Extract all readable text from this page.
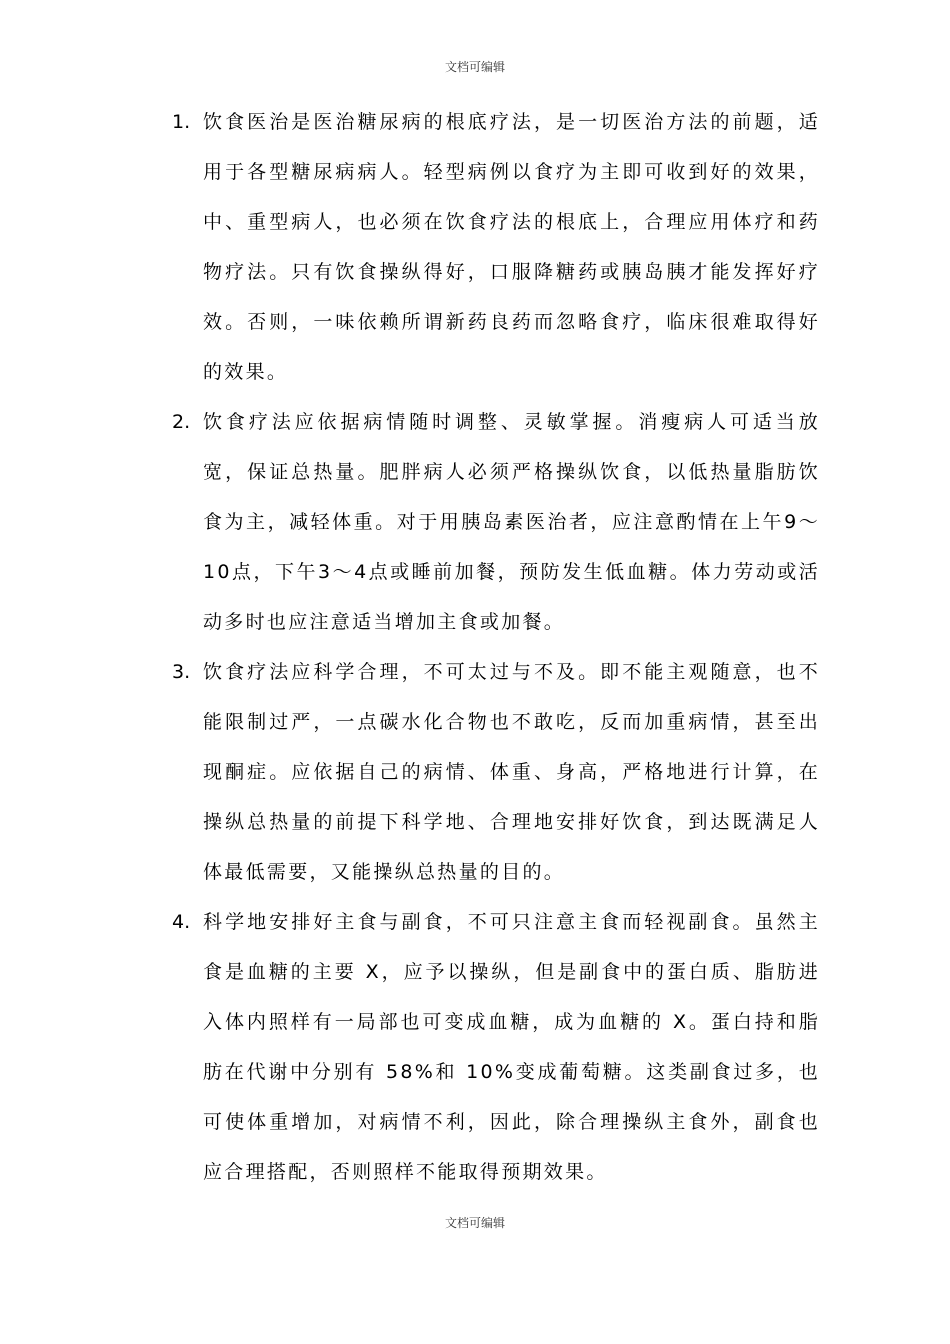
文档可编辑
1. 饮食医治是医治糖尿病的根底疗法，是一切医治方法的前题，适用于各型糖尿病病人。轻型病例以食疗为主即可收到好的效果，中、重型病人，也必须在饮食疗法的根底上，合理应用体疗和药物疗法。只有饮食操纵得好，口服降糖药或胰岛胰才能发挥好疗效。否则，一味依赖所谓新药良药而忽略食疗，临床很难取得好的效果。
2. 饮食疗法应依据病情随时调整、灵敏掌握。消瘦病人可适当放宽，保证总热量。肥胖病人必须严格操纵饮食，以低热量脂肪饮食为主，减轻体重。对于用胰岛素医治者，应注意酌情在上午9～10点，下午3～4点或睡前加餐，预防发生低血糖。体力劳动或活动多时也应注意适当增加主食或加餐。
3. 饮食疗法应科学合理，不可太过与不及。即不能主观随意，也不能限制过严，一点碳水化合物也不敢吃，反而加重病情，甚至出现酮症。应依据自己的病情、体重、身高，严格地进行计算，在操纵总热量的前提下科学地、合理地安排好饮食，到达既满足人体最低需要，又能操纵总热量的目的。
4. 科学地安排好主食与副食，不可只注意主食而轻视副食。虽然主食是血糖的主要 X，应予以操纵，但是副食中的蛋白质、脂肪进入体内照样有一局部也可变成血糖，成为血糖的 X。蛋白持和脂肪在代谢中分别有 58%和 10%变成葡萄糖。这类副食过多，也可使体重增加，对病情不利，因此，除合理操纵主食外，副食也应合理搭配，否则照样不能取得预期效果。
文档可编辑
